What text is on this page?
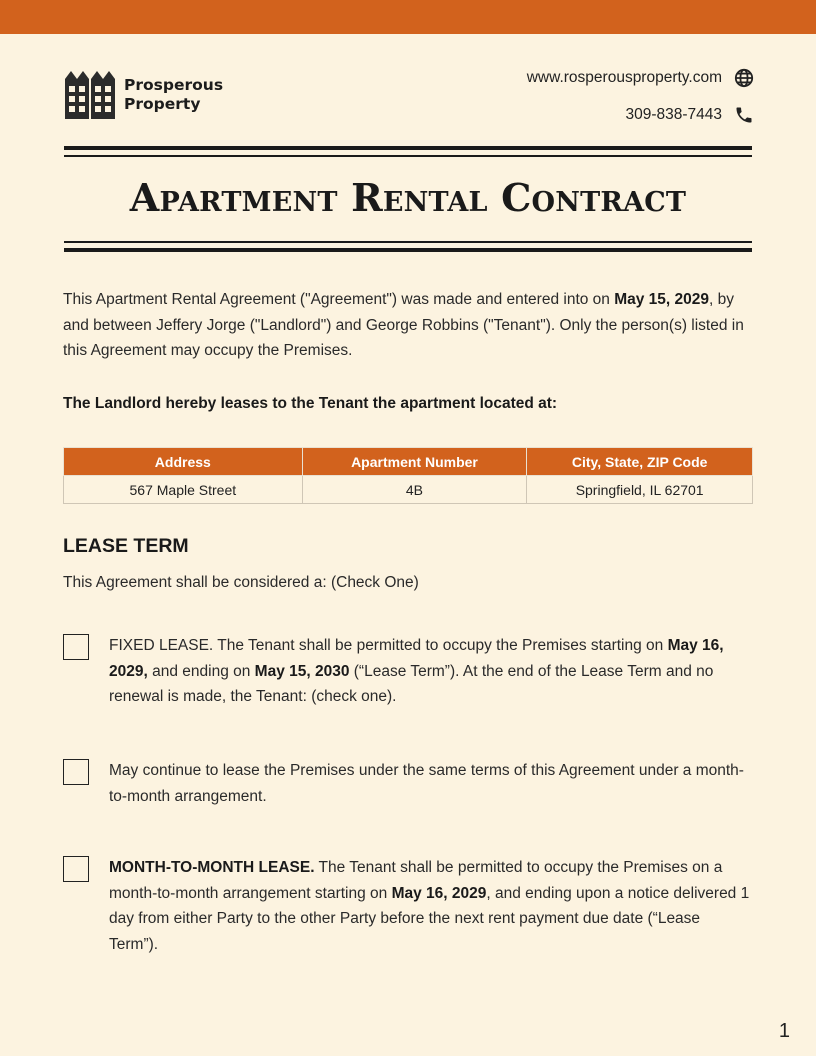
Prosperous
Property
www.rosperousproperty.com
309-838-7443
Apartment Rental Contract

This Apartment Rental Agreement ("Agreement") was made and entered into on May 15, 2029, by and between Jeffery Jorge ("Landlord") and George Robbins ("Tenant"). Only the person(s) listed in this Agreement may occupy the Premises.

The Landlord hereby leases to the Tenant the apartment located at:

Address	Apartment Number	City, State, ZIP Code
567 Maple Street	4B	Springfield, IL 62701
LEASE TERM

This Agreement shall be considered a: (Check One)

FIXED LEASE. The Tenant shall be permitted to occupy the Premises starting on May 16, 2029, and ending on May 15, 2030 (“Lease Term”). At the end of the Lease Term and no renewal is made, the Tenant: (check one).

May continue to lease the Premises under the same terms of this Agreement under a month-to-month arrangement.

MONTH-TO-MONTH LEASE. The Tenant shall be permitted to occupy the Premises on a month-to-month arrangement starting on May 16, 2029, and ending upon a notice delivered 1 day from either Party to the other Party before the next rent payment due date (“Lease Term”).

1
